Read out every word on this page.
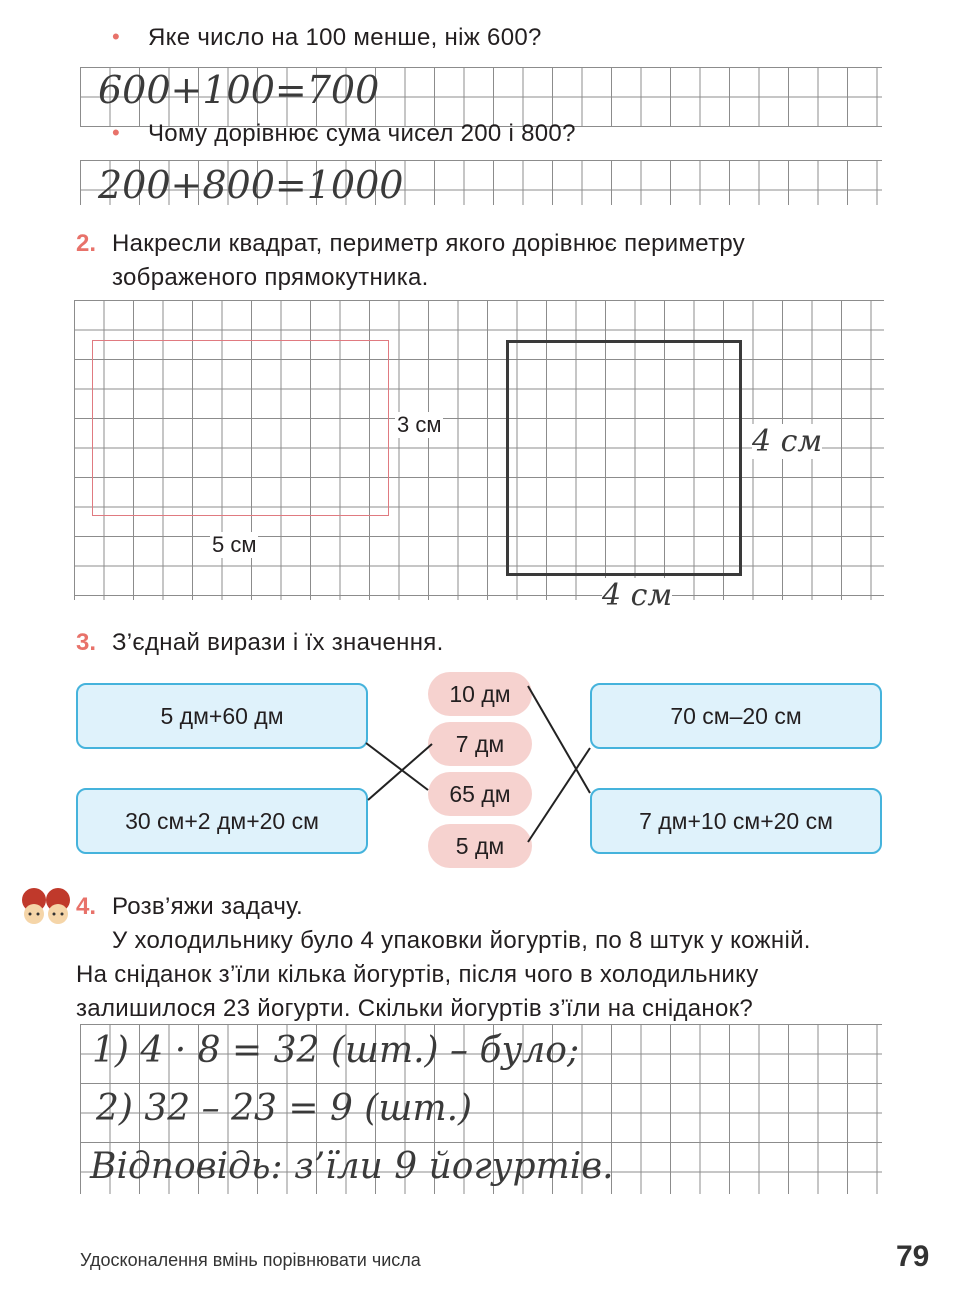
• Яке число на 100 менше, ніж 600?
600+100=700
• Чому дорівнює сума чисел 200 і 800?
200+800=1000
2. Накресли квадрат, периметр якого дорівнює периметру
зображеного прямокутника.
3 см
5 см
4 см
4 см
3. З’єднай вирази і їх значення.
5 дм+60 дм
30 см+2 дм+20 см
10 дм
7 дм
65 дм
5 дм
70 см–20 см
7 дм+10 см+20 см
4. Розв’яжи задачу.
У холодильнику було 4 упаковки йогуртів, по 8 штук у кожній.
На сніданок з’їли кілька йогуртів, після чого в холодильнику
залишилося 23 йогурти. Скільки йогуртів з’їли на сніданок?
1) 4 · 8 = 32 (шт.) – було;
2) 32 – 23 = 9 (шт.)
Відповідь: з’їли 9 йогуртів.
Удосконалення вмінь порівнювати числа	79
